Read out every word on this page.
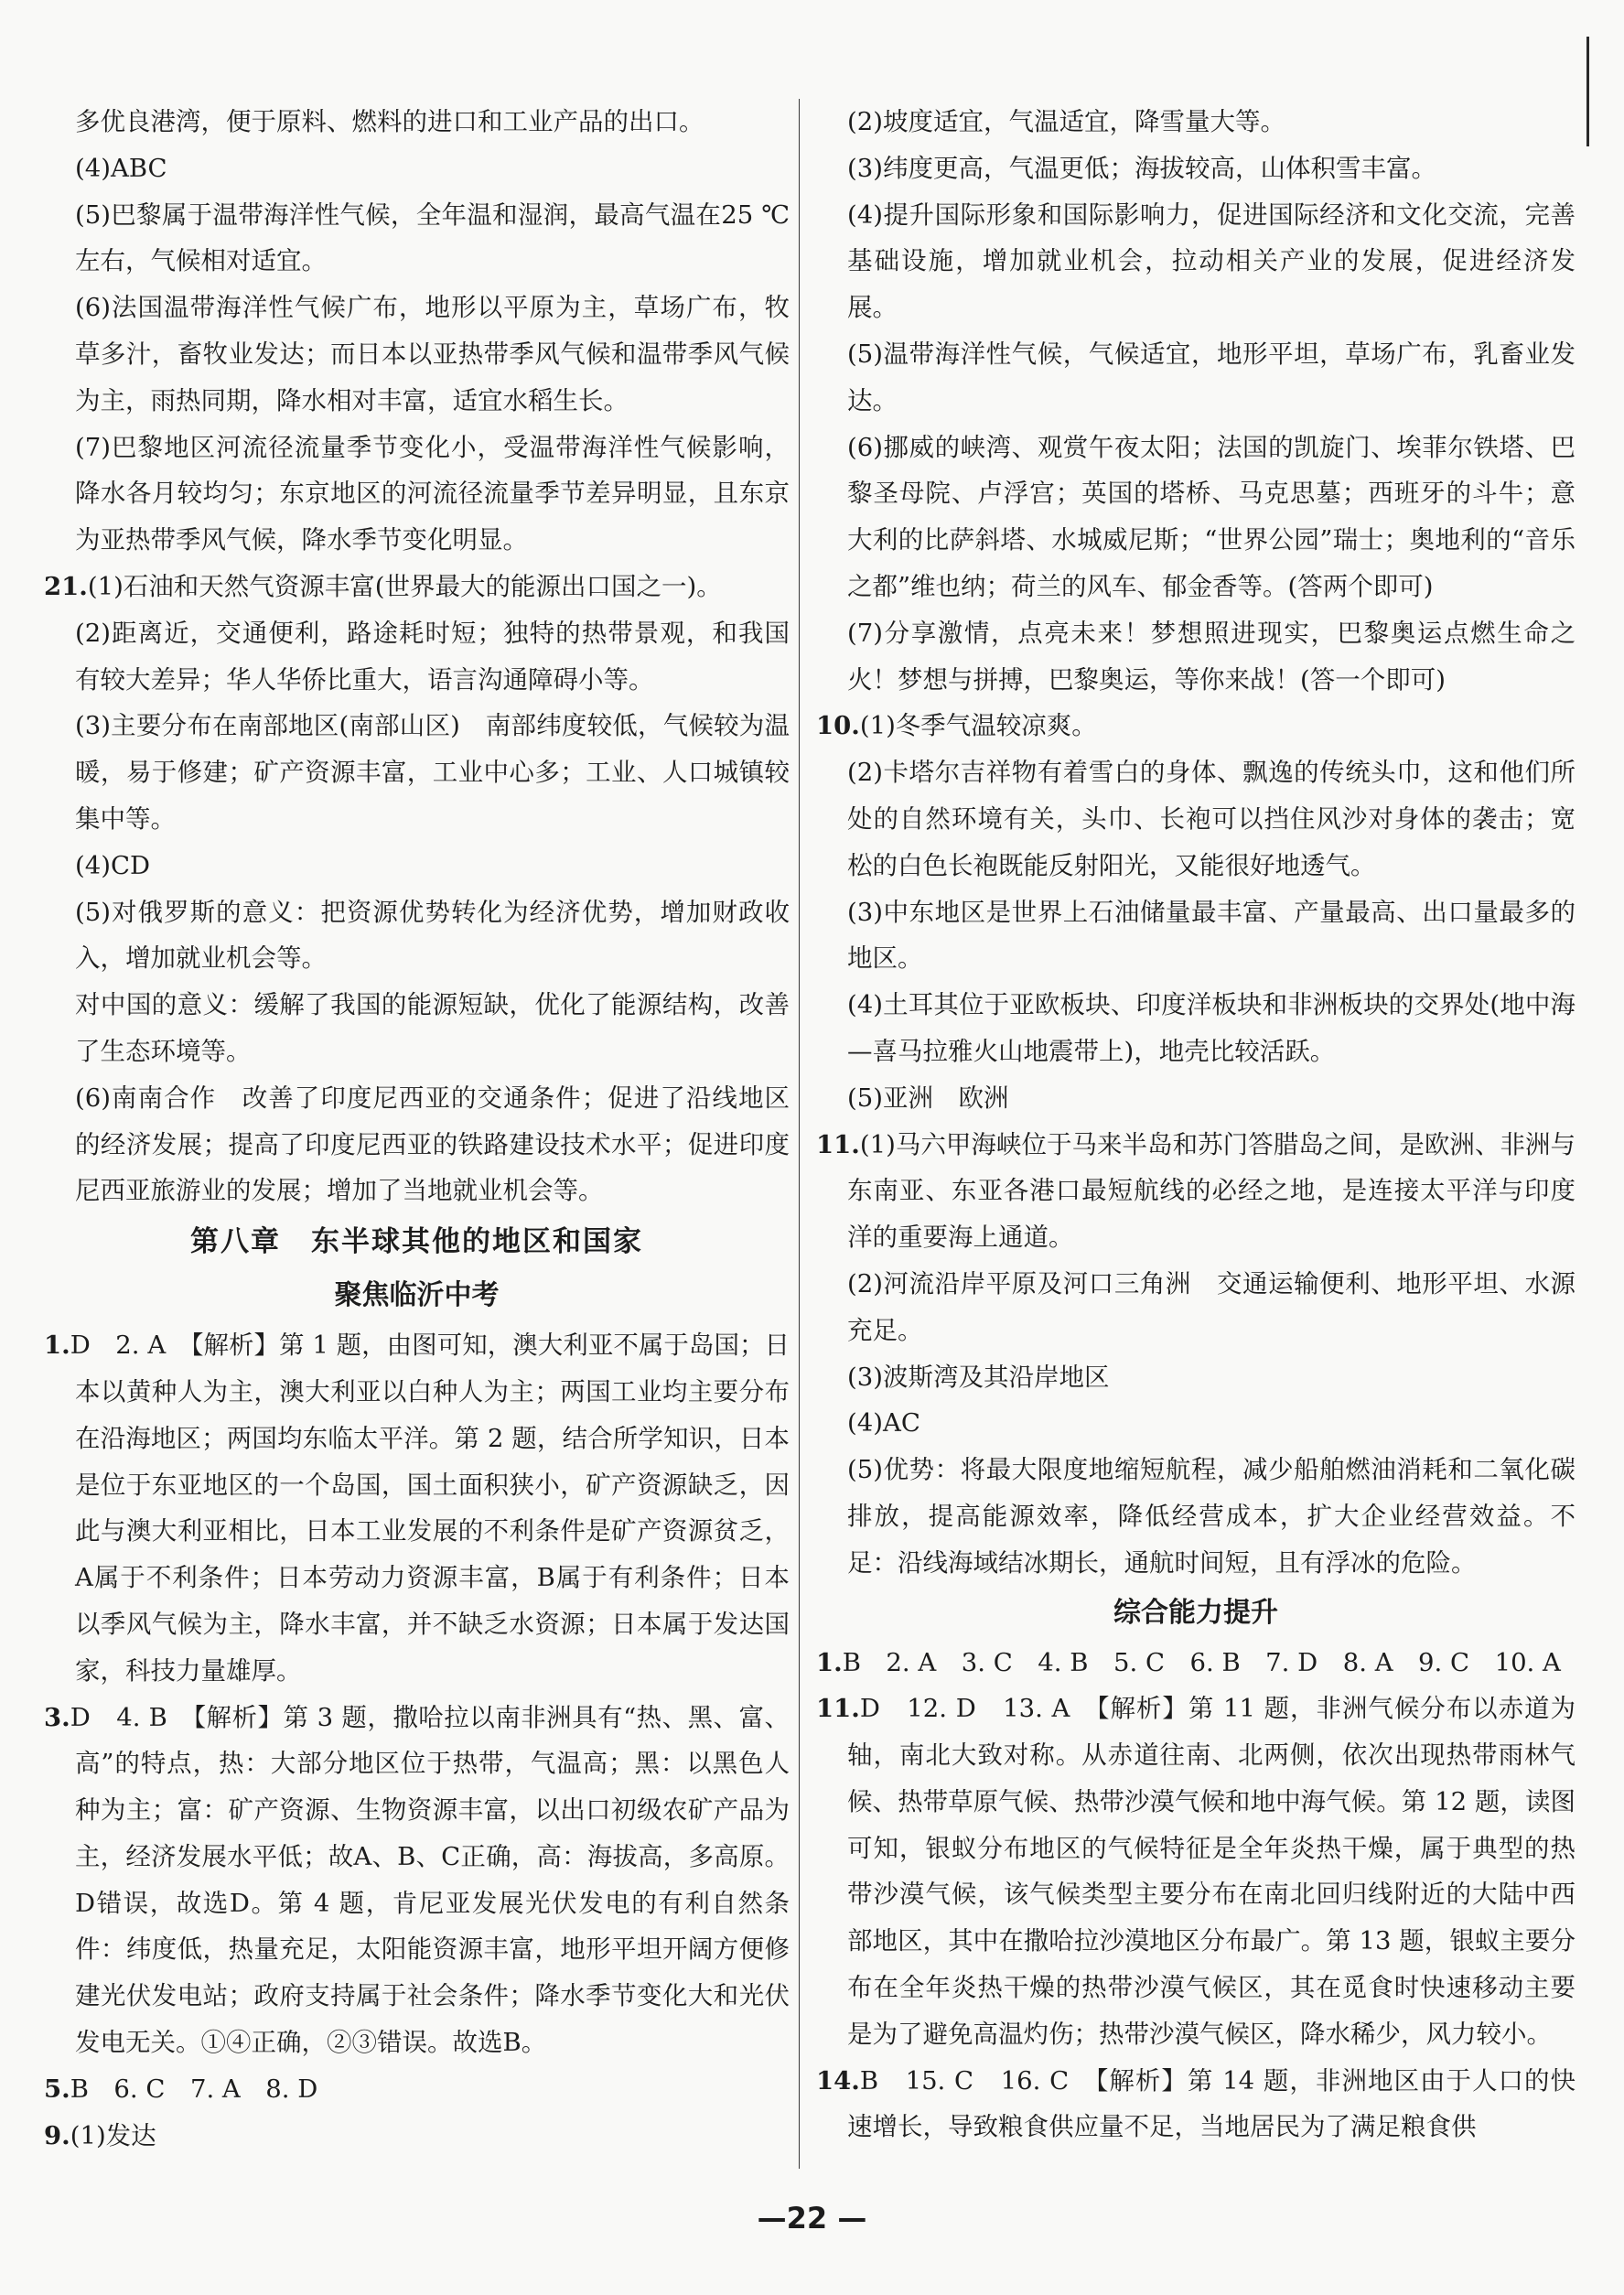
多优良港湾，便于原料、燃料的进口和工业产品的出口。

(4)ABC

(5)巴黎属于温带海洋性气候，全年温和湿润，最高气温在25 ℃左右，气候相对适宜。

(6)法国温带海洋性气候广布，地形以平原为主，草场广布，牧草多汁，畜牧业发达；而日本以亚热带季风气候和温带季风气候为主，雨热同期，降水相对丰富，适宜水稻生长。

(7)巴黎地区河流径流量季节变化小，受温带海洋性气候影响，降水各月较均匀；东京地区的河流径流量季节差异明显，且东京为亚热带季风气候，降水季节变化明显。

21.(1)石油和天然气资源丰富(世界最大的能源出口国之一)。

(2)距离近，交通便利，路途耗时短；独特的热带景观，和我国有较大差异；华人华侨比重大，语言沟通障碍小等。

(3)主要分布在南部地区(南部山区)　南部纬度较低，气候较为温暖，易于修建；矿产资源丰富，工业中心多；工业、人口城镇较集中等。

(4)CD

(5)对俄罗斯的意义：把资源优势转化为经济优势，增加财政收入，增加就业机会等。

对中国的意义：缓解了我国的能源短缺，优化了能源结构，改善了生态环境等。

(6)南南合作　改善了印度尼西亚的交通条件；促进了沿线地区的经济发展；提高了印度尼西亚的铁路建设技术水平；促进印度尼西亚旅游业的发展；增加了当地就业机会等。

第八章　东半球其他的地区和国家

聚焦临沂中考

1.D　2. A　【解析】第 1 题，由图可知，澳大利亚不属于岛国；日本以黄种人为主，澳大利亚以白种人为主；两国工业均主要分布在沿海地区；两国均东临太平洋。第 2 题，结合所学知识，日本是位于东亚地区的一个岛国，国土面积狭小，矿产资源缺乏，因此与澳大利亚相比，日本工业发展的不利条件是矿产资源贫乏，A属于不利条件；日本劳动力资源丰富，B属于有利条件；日本以季风气候为主，降水丰富，并不缺乏水资源；日本属于发达国家，科技力量雄厚。

3.D　4. B　【解析】第 3 题，撒哈拉以南非洲具有“热、黑、富、高”的特点，热：大部分地区位于热带，气温高；黑：以黑色人种为主；富：矿产资源、生物资源丰富，以出口初级农矿产品为主，经济发展水平低；故A、B、C正确，高：海拔高，多高原。D错误，故选D。第 4 题，肯尼亚发展光伏发电的有利自然条件：纬度低，热量充足，太阳能资源丰富，地形平坦开阔方便修建光伏发电站；政府支持属于社会条件；降水季节变化大和光伏发电无关。①④正确，②③错误。故选B。

5.B　6. C　7. A　8. D

9.(1)发达

(2)坡度适宜，气温适宜，降雪量大等。

(3)纬度更高，气温更低；海拔较高，山体积雪丰富。

(4)提升国际形象和国际影响力，促进国际经济和文化交流，完善基础设施，增加就业机会，拉动相关产业的发展，促进经济发展。

(5)温带海洋性气候，气候适宜，地形平坦，草场广布，乳畜业发达。

(6)挪威的峡湾、观赏午夜太阳；法国的凯旋门、埃菲尔铁塔、巴黎圣母院、卢浮宫；英国的塔桥、马克思墓；西班牙的斗牛；意大利的比萨斜塔、水城威尼斯；“世界公园”瑞士；奥地利的“音乐之都”维也纳；荷兰的风车、郁金香等。(答两个即可)

(7)分享激情，点亮未来！梦想照进现实，巴黎奥运点燃生命之火！梦想与拼搏，巴黎奥运，等你来战！(答一个即可)

10.(1)冬季气温较凉爽。

(2)卡塔尔吉祥物有着雪白的身体、飘逸的传统头巾，这和他们所处的自然环境有关，头巾、长袍可以挡住风沙对身体的袭击；宽松的白色长袍既能反射阳光，又能很好地透气。

(3)中东地区是世界上石油储量最丰富、产量最高、出口量最多的地区。

(4)土耳其位于亚欧板块、印度洋板块和非洲板块的交界处(地中海—喜马拉雅火山地震带上)，地壳比较活跃。

(5)亚洲　欧洲

11.(1)马六甲海峡位于马来半岛和苏门答腊岛之间，是欧洲、非洲与东南亚、东亚各港口最短航线的必经之地，是连接太平洋与印度洋的重要海上通道。

(2)河流沿岸平原及河口三角洲　交通运输便利、地形平坦、水源充足。

(3)波斯湾及其沿岸地区

(4)AC

(5)优势：将最大限度地缩短航程，减少船舶燃油消耗和二氧化碳排放，提高能源效率，降低经营成本，扩大企业经营效益。不足：沿线海域结冰期长，通航时间短，且有浮冰的危险。

综合能力提升

1.B　2. A　3. C　4. B　5. C　6. B　7. D　8. A　9. C　10. A

11.D　12. D　13. A　【解析】第 11 题，非洲气候分布以赤道为轴，南北大致对称。从赤道往南、北两侧，依次出现热带雨林气候、热带草原气候、热带沙漠气候和地中海气候。第 12 题，读图可知，银蚁分布地区的气候特征是全年炎热干燥，属于典型的热带沙漠气候，该气候类型主要分布在南北回归线附近的大陆中西部地区，其中在撒哈拉沙漠地区分布最广。第 13 题，银蚁主要分布在全年炎热干燥的热带沙漠气候区，其在觅食时快速移动主要是为了避免高温灼伤；热带沙漠气候区，降水稀少，风力较小。

14.B　15. C　16. C　【解析】第 14 题，非洲地区由于人口的快速增长，导致粮食供应量不足，当地居民为了满足粮食供

—22 —
